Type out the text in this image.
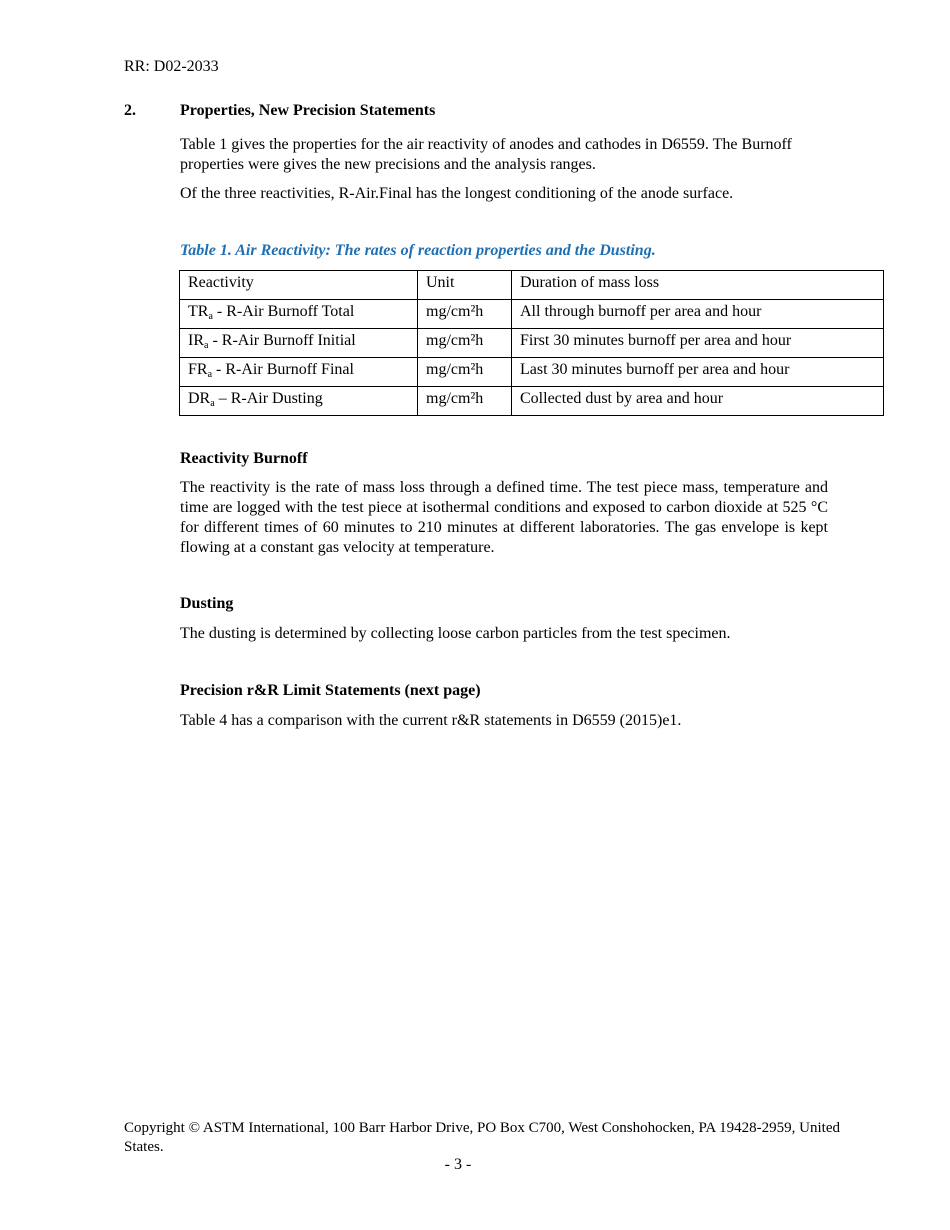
RR: D02-2033
2.	Properties, New Precision Statements

Table 1 gives the properties for the air reactivity of anodes and cathodes in D6559. The Burnoff properties were gives the new precisions and the analysis ranges.

Of the three reactivities, R-Air.Final has the longest conditioning of the anode surface.

Table 1. Air Reactivity: The rates of reaction properties and the Dusting.
Reactivity	Unit	Duration of mass loss
$TR_a - R-Air$ Burnoff Total	mg/cm²h	All through burnoff per area and hour
$IR_a - R-Air$ Burnoff Initial	mg/cm²h	First 30 minutes burnoff per area and hour
$FR_a - R-Air$ Burnoff Final	mg/cm²h	Last 30 minutes burnoff per area and hour
$DR_a - R-Air$ Dusting	mg/cm²h	Collected dust by area and hour
Reactivity Burnoff

The reactivity is the rate of mass loss through a defined time. The test piece mass, temperature and time are logged with the test piece at isothermal conditions and exposed to carbon dioxide at 525 °C for different times of 60 minutes to 210 minutes at different laboratories. The gas envelope is kept flowing at a constant gas velocity at temperature.

Dusting

The dusting is determined by collecting loose carbon particles from the test specimen.

Precision r&R Limit Statements (next page)

Table 4 has a comparison with the current r&R statements in D6559 (2015)e1.

Copyright © ASTM International, 100 Barr Harbor Drive, PO Box C700, West Conshohocken, PA 19428-2959, United States.
- 3 -
